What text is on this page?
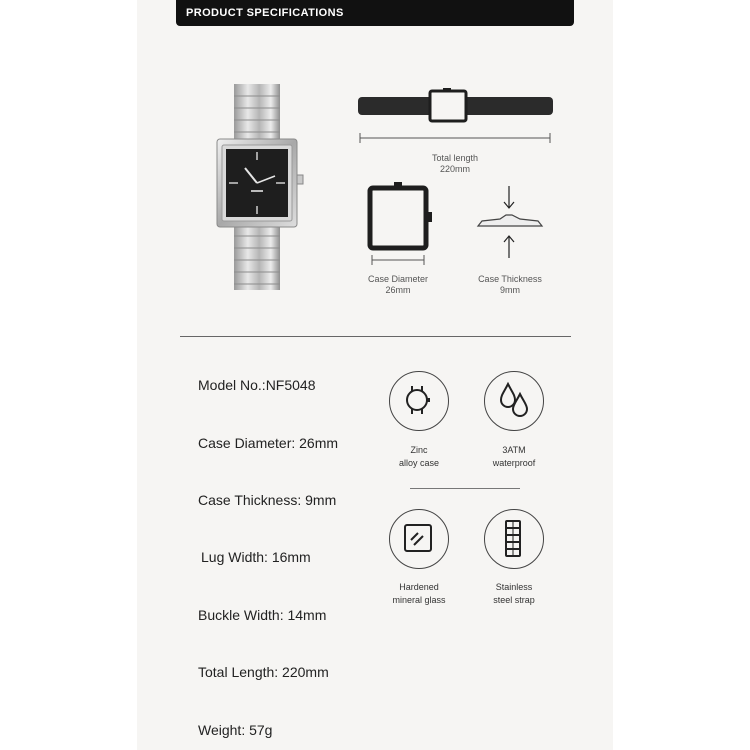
PRODUCT SPECIFICATIONS
Total length
220mm
Case Diameter
26mm
Case Thickness
9mm
Model No.:NF5048
Case Diameter: 26mm
Case Thickness: 9mm
Lug Width: 16mm
Buckle Width: 14mm
Total Length: 220mm
Weight: 57g
Zinc
alloy case
3ATM
waterproof
Hardened
mineral glass
Stainless
steel strap
